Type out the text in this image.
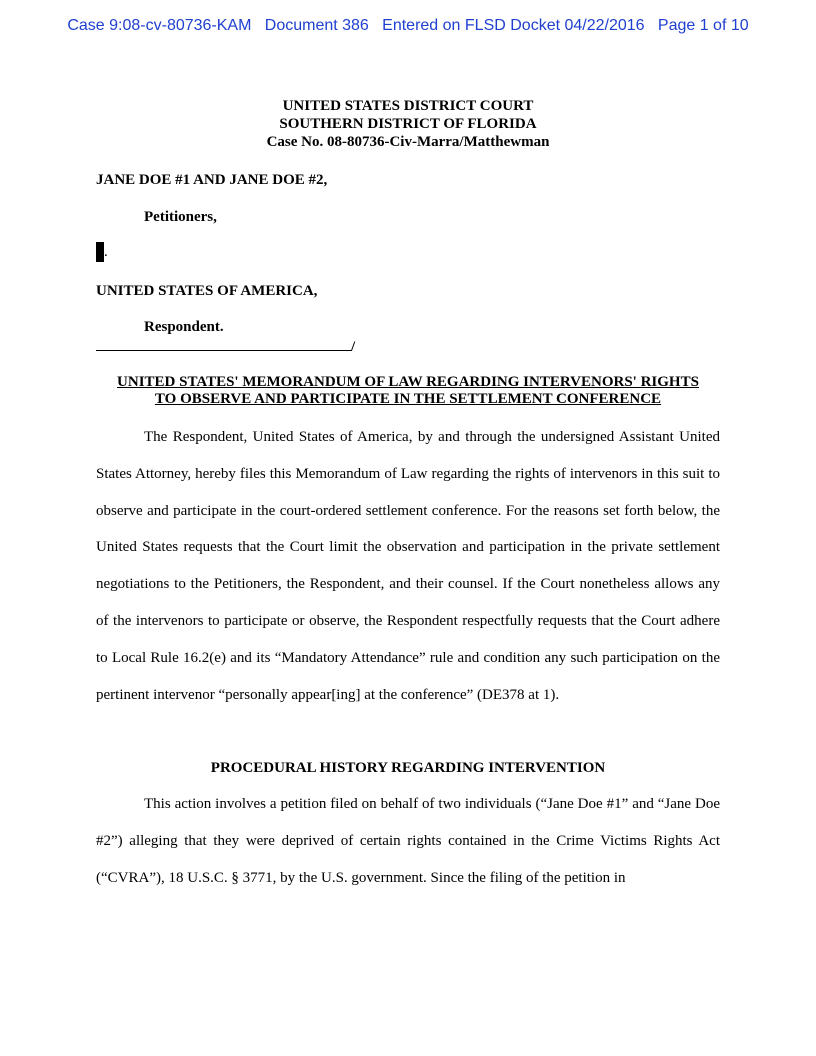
Case 9:08-cv-80736-KAM   Document 386   Entered on FLSD Docket 04/22/2016   Page 1 of 10
UNITED STATES DISTRICT COURT
SOUTHERN DISTRICT OF FLORIDA
Case No. 08-80736-Civ-Marra/Matthewman
JANE DOE #1 AND JANE DOE #2,
Petitioners,
.
UNITED STATES OF AMERICA,
Respondent.
/
UNITED STATES' MEMORANDUM OF LAW REGARDING INTERVENORS' RIGHTS
TO OBSERVE AND PARTICIPATE IN THE SETTLEMENT CONFERENCE
The Respondent, United States of America, by and through the undersigned Assistant United States Attorney, hereby files this Memorandum of Law regarding the rights of intervenors in this suit to observe and participate in the court-ordered settlement conference. For the reasons set forth below, the United States requests that the Court limit the observation and participation in the private settlement negotiations to the Petitioners, the Respondent, and their counsel. If the Court nonetheless allows any of the intervenors to participate or observe, the Respondent respectfully requests that the Court adhere to Local Rule 16.2(e) and its “Mandatory Attendance” rule and condition any such participation on the pertinent intervenor “personally appear[ing] at the conference” (DE378 at 1).
PROCEDURAL HISTORY REGARDING INTERVENTION
This action involves a petition filed on behalf of two individuals (“Jane Doe #1” and “Jane Doe #2”) alleging that they were deprived of certain rights contained in the Crime Victims Rights Act (“CVRA”), 18 U.S.C. § 3771, by the U.S. government. Since the filing of the petition in
